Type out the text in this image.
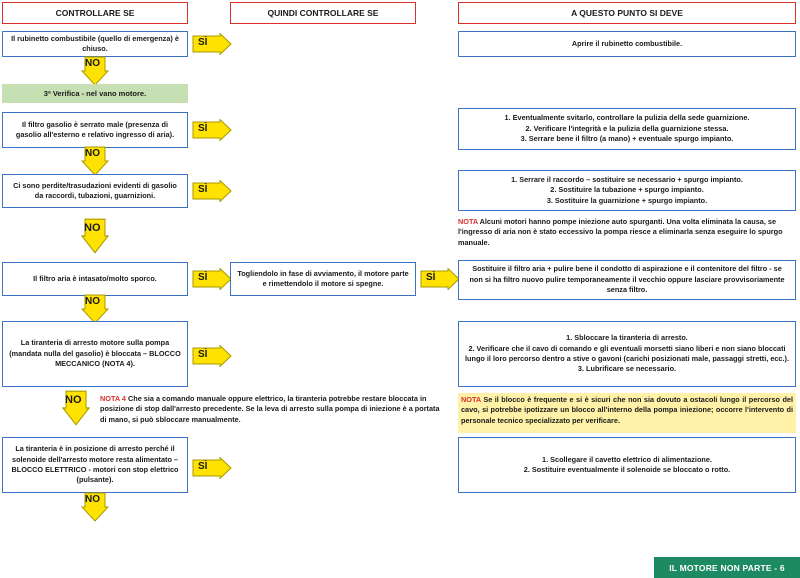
CONTROLLARE SE	QUINDI CONTROLLARE SE	A QUESTO PUNTO SI DEVE
Il rubinetto combustibile (quello di emergenza) è chiuso.
SÌ	Aprire il rubinetto combustibile.
NO
3ª Verifica - nel vano motore.
Il filtro gasolio è serrato male (presenza di gasolio all'esterno e relativo ingresso di aria).
SÌ
1. Eventualmente svitarlo, controllare la pulizia della sede guarnizione.
2. Verificare l'integrità e la pulizia della guarnizione stessa.
3. Serrare bene il filtro (a mano) + eventuale spurgo impianto.
NO
Ci sono perdite/trasudazioni evidenti di gasolio da raccordi, tubazioni, guarnizioni.
SÌ
1. Serrare il raccordo – sostituire se necessario + spurgo impianto.
2. Sostituire la tubazione + spurgo impianto.
3. Sostituire la guarnizione + spurgo impianto.
NOTA Alcuni motori hanno pompe iniezione auto spurganti. Una volta eliminata la causa, se l'ingresso di aria non è stato eccessivo la pompa riesce a eliminarla senza eseguire lo spurgo manuale.
NO
Il filtro aria è intasato/molto sporco.	SÌ	Togliendolo in fase di avviamento, il motore parte e rimettendolo il motore si spegne.
SÌ
Sostituire il filtro aria + pulire bene il condotto di aspirazione e il contenitore del filtro - se non si ha filtro nuovo pulire temporaneamente il vecchio oppure lasciare provvisoriamente senza filtro.
NO
La tiranteria di arresto motore sulla pompa (mandata nulla del gasolio) è bloccata – BLOCCO MECCANICO (NOTA 4).
SÌ
1. Sbloccare la tiranteria di arresto.
2. Verificare che il cavo di comando e gli eventuali morsetti siano liberi e non siano bloccati lungo il loro percorso dentro a stive o gavoni (carichi posizionati male, passaggi stretti, ecc.).
3. Lubrificare se necessario.
NO	NOTA 4 Che sia a comando manuale oppure elettrico, la tiranteria potrebbe restare bloccata in posizione di stop dall'arresto precedente. Se la leva di arresto sulla pompa di iniezione è a portata di mano, si può sbloccare manualmente.
NOTA Se il blocco è frequente e si è sicuri che non sia dovuto a ostacoli lungo il percorso del cavo, si potrebbe ipotizzare un blocco all'interno della pompa iniezione; occorre l'intervento di personale tecnico specializzato per verificare.
La tiranteria è in posizione di arresto perché il solenoide dell'arresto motore resta alimentato – BLOCCO ELETTRICO - motori con stop elettrico (pulsante).
SÌ
1. Scollegare il cavetto elettrico di alimentazione.
2. Sostituire eventualmente il solenoide se bloccato o rotto.
NO
IL MOTORE NON PARTE - 6
